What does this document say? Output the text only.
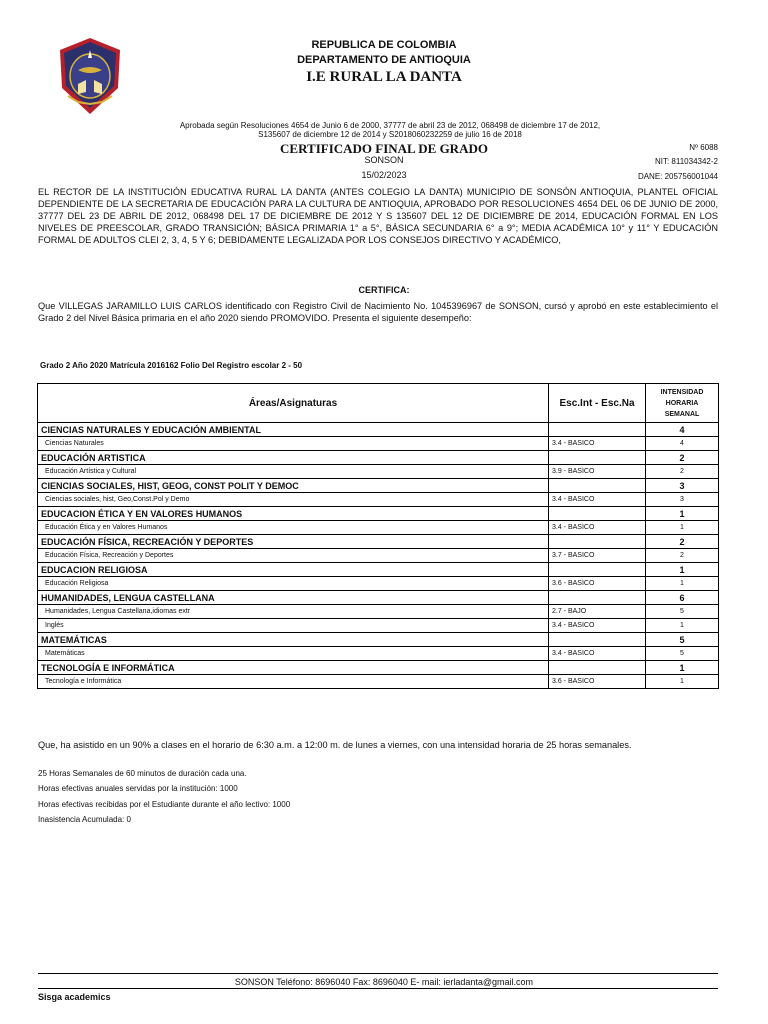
REPUBLICA DE COLOMBIA
DEPARTAMENTO DE ANTIOQUIA
I.E RURAL LA DANTA
Aprobada según Resoluciones 4654 de Junio 6 de 2000, 37777 de abril 23 de 2012, 068498 de diciembre 17 de 2012,
S135607 de diciembre 12 de 2014 y S2018060232259 de julio 16 de 2018
CERTIFICADO FINAL DE GRADO
SONSON
15/02/2023
Nº 6088
NIT: 811034342-2
DANE: 205756001044
EL RECTOR DE LA INSTITUCIÓN EDUCATIVA RURAL LA DANTA (ANTES COLEGIO LA DANTA) MUNICIPIO DE SONSÓN ANTIOQUIA, PLANTEL OFICIAL DEPENDIENTE DE LA SECRETARIA DE EDUCACIÓN PARA LA CULTURA DE ANTIOQUIA, APROBADO POR RESOLUCIONES 4654 DEL 06 DE JUNIO DE 2000, 37777 DEL 23 DE ABRIL DE 2012, 068498 DEL 17 DE DICIEMBRE DE 2012 Y S 135607 DEL 12 DE DICIEMBRE DE 2014, EDUCACIÓN FORMAL EN LOS NIVELES DE PREESCOLAR, GRADO TRANSICIÓN; BÁSICA PRIMARIA 1° a 5°, BÁSICA SECUNDARIA 6° a 9°; MEDIA ACADÉMICA 10° y 11° Y EDUCACIÓN FORMAL DE ADULTOS CLEI 2, 3, 4, 5 Y 6; DEBIDAMENTE LEGALIZADA POR LOS CONSEJOS DIRECTIVO Y ACADÉMICO,
CERTIFICA:
Que VILLEGAS JARAMILLO LUIS CARLOS identificado con Registro Civil de Nacimiento No. 1045396967 de SONSON, cursó y aprobó en este establecimiento el Grado 2 del Nivel Básica primaria en el año 2020 siendo PROMOVIDO. Presenta el siguiente desempeño:
Grado 2 Año 2020 Matrícula 2016162 Folio Del Registro escolar 2 - 50
Áreas/Asignaturas	Esc.Int - Esc.Na	INTENSIDAD
HORARIA
SEMANAL

CIENCIAS NATURALES Y EDUCACIÓN AMBIENTAL		4
Ciencias Naturales	3.4 - BASICO	4
EDUCACIÓN ARTISTICA		2
Educación Artística y Cultural	3.9 - BASICO	2
CIENCIAS SOCIALES, HIST, GEOG, CONST POLIT Y DEMOC		3
Ciencias sociales, hist, Geo,Const.Pol y Demo	3.4 - BASICO	3
EDUCACION ÉTICA Y EN VALORES HUMANOS		1
Educación Ética y en Valores Humanos	3.4 - BASICO	1
EDUCACIÓN FÍSICA, RECREACIÓN Y DEPORTES		2
Educación Física, Recreación y Deportes	3.7 - BASICO	2
EDUCACION RELIGIOSA		1
Educación Religiosa	3.6 - BASICO	1
HUMANIDADES, LENGUA CASTELLANA		6
Humanidades, Lengua Castellana,idiomas extr	2.7 - BAJO	5
Inglés	3.4 - BASICO	1
MATEMÁTICAS		5
Matemáticas	3.4 - BASICO	5
TECNOLOGÍA E INFORMÁTICA		1
Tecnología e Informática	3.6 - BASICO	1
Que, ha asistido en un 90% a clases en el horario de 6:30 a.m. a 12:00 m. de lunes a viernes, con una intensidad horaria de 25 horas semanales.
25 Horas Semanales de 60 minutos de duración cada una.
Horas efectivas anuales servidas por la institución: 1000
Horas efectivas recibidas por el Estudiante durante el año lectivo: 1000
Inasistencia Acumulada: 0
SONSON Teléfono: 8696040 Fax: 8696040 E- mail: ierladanta@gmail.com
Sisga academics
